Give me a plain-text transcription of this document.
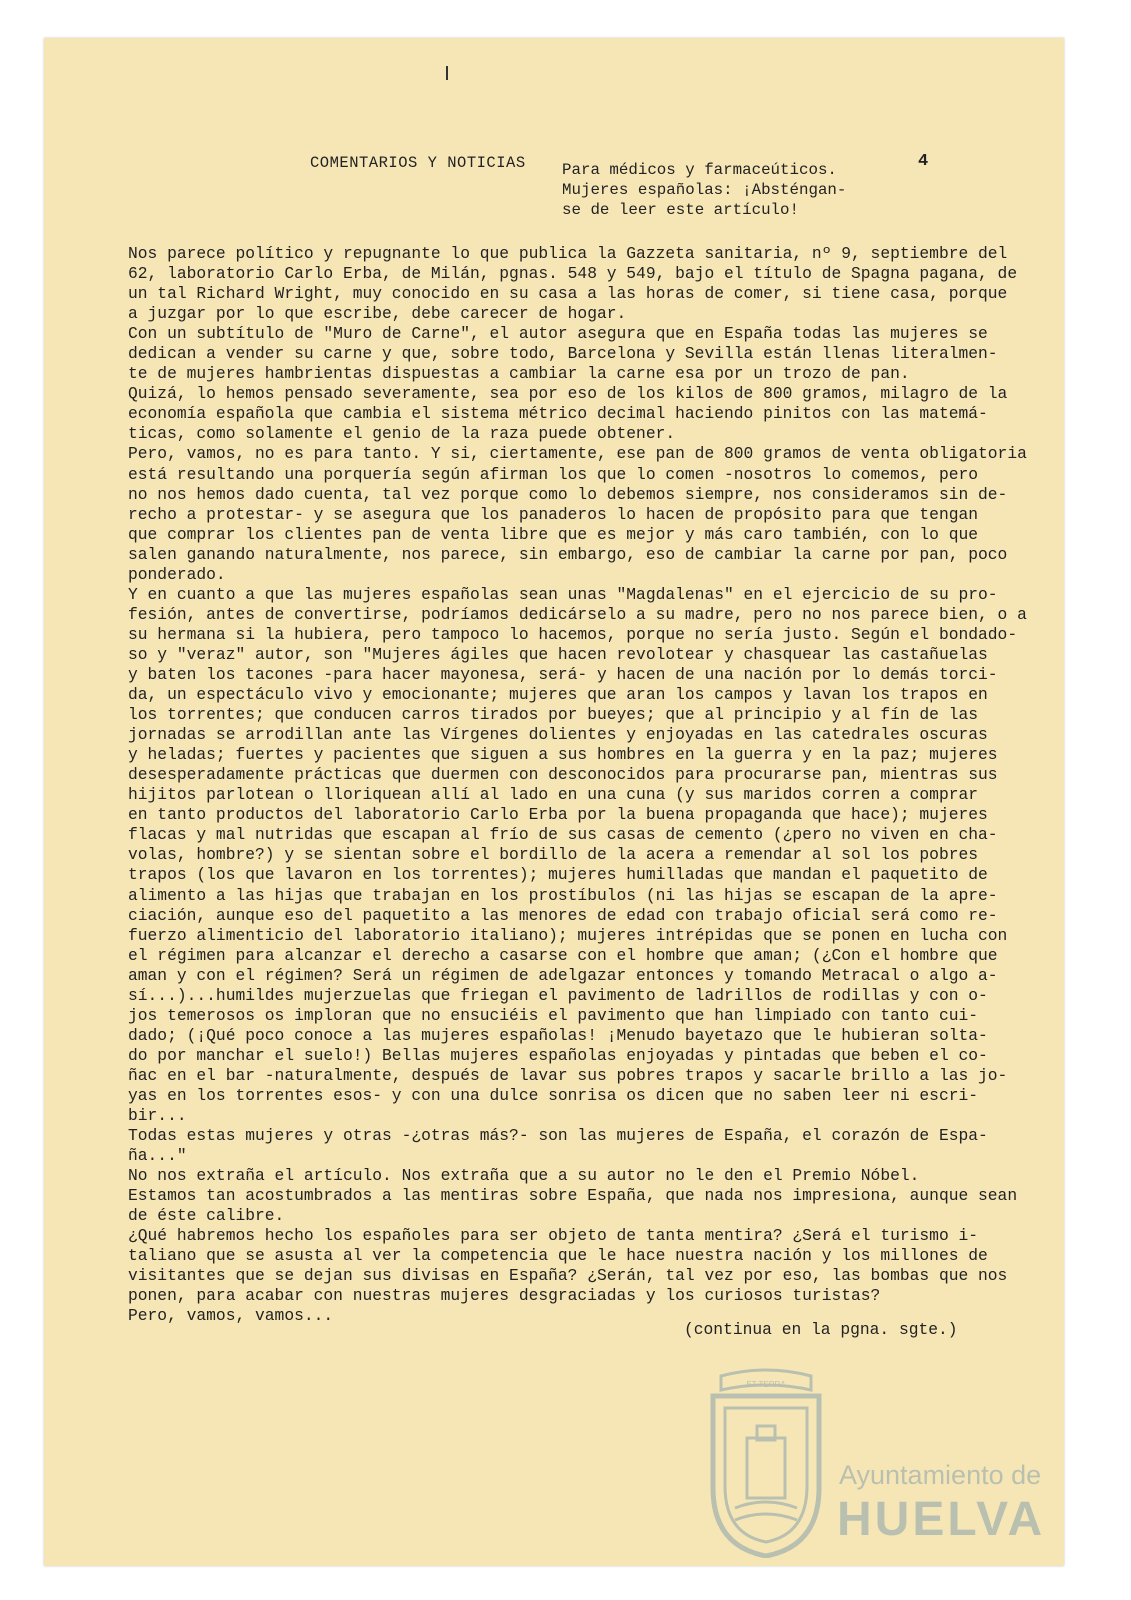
COMENTARIOS Y NOTICIAS Para médicos y farmaceúticos.
Mujeres españolas: ¡Absténgan-
se de leer este artículo!
4
Nos parece político y repugnante lo que publica la Gazzeta sanitaria, nº 9, septiembre del
62, laboratorio Carlo Erba, de Milán, pgnas. 548 y 549, bajo el título de Spagna pagana, de
un tal Richard Wright, muy conocido en su casa a las horas de comer, si tiene casa, porque
a juzgar por lo que escribe, debe carecer de hogar.
Con un subtítulo de "Muro de Carne", el autor asegura que en España todas las mujeres se
dedican a vender su carne y que, sobre todo, Barcelona y Sevilla están llenas literalmen-
te de mujeres hambrientas dispuestas a cambiar la carne esa por un trozo de pan.
Quizá, lo hemos pensado severamente, sea por eso de los kilos de 800 gramos, milagro de la
economía española que cambia el sistema métrico decimal haciendo pinitos con las matemá-
ticas, como solamente el genio de la raza puede obtener.
Pero, vamos, no es para tanto. Y si, ciertamente, ese pan de 800 gramos de venta obligatoria
está resultando una porquería según afirman los que lo comen -nosotros lo comemos, pero
no nos hemos dado cuenta, tal vez porque como lo debemos siempre, nos consideramos sin de-
recho a protestar- y se asegura que los panaderos lo hacen de propósito para que tengan
que comprar los clientes pan de venta libre que es mejor y más caro también, con lo que
salen ganando naturalmente, nos parece, sin embargo, eso de cambiar la carne por pan, poco
ponderado.
Y en cuanto a que las mujeres españolas sean unas "Magdalenas" en el ejercicio de su pro-
fesión, antes de convertirse, podríamos dedicárselo a su madre, pero no nos parece bien, o a
su hermana si la hubiera, pero tampoco lo hacemos, porque no sería justo. Según el bondado-
so y "veraz" autor, son "Mujeres ágiles que hacen revolotear y chasquear las castañuelas
y baten los tacones -para hacer mayonesa, será- y hacen de una nación por lo demás torci-
da, un espectáculo vivo y emocionante; mujeres que aran los campos y lavan los trapos en
los torrentes; que conducen carros tirados por bueyes; que al principio y al fín de las
jornadas se arrodillan ante las Vírgenes dolientes y enjoyadas en las catedrales oscuras
y heladas; fuertes y pacientes que siguen a sus hombres en la guerra y en la paz; mujeres
desesperadamente prácticas que duermen con desconocidos para procurarse pan, mientras sus
hijitos parlotean o lloriquean allí al lado en una cuna (y sus maridos corren a comprar
en tanto productos del laboratorio Carlo Erba por la buena propaganda que hace); mujeres
flacas y mal nutridas que escapan al frío de sus casas de cemento (¿pero no viven en cha-
volas, hombre?) y se sientan sobre el bordillo de la acera a remendar al sol los pobres
trapos (los que lavaron en los torrentes); mujeres humilladas que mandan el paquetito de
alimento a las hijas que trabajan en los prostíbulos (ni las hijas se escapan de la apre-
ciación, aunque eso del paquetito a las menores de edad con trabajo oficial será como re-
fuerzo alimenticio del laboratorio italiano); mujeres intrépidas que se ponen en lucha con
el régimen para alcanzar el derecho a casarse con el hombre que aman; (¿Con el hombre que
aman y con el régimen? Será un régimen de adelgazar entonces y tomando Metracal o algo a-
sí...)...humildes mujerzuelas que friegan el pavimento de ladrillos de rodillas y con o-
jos temerosos os imploran que no ensuciéis el pavimento que han limpiado con tanto cui-
dado; (¡Qué poco conoce a las mujeres españolas! ¡Menudo bayetazo que le hubieran solta-
do por manchar el suelo!) Bellas mujeres españolas enjoyadas y pintadas que beben el co-
ñac en el bar -naturalmente, después de lavar sus pobres trapos y sacarle brillo a las jo-
yas en los torrentes esos- y con una dulce sonrisa os dicen que no saben leer ni escri-
bir...
Todas estas mujeres y otras -¿otras más?- son las mujeres de España, el corazón de Espa-
ña..."
No nos extraña el artículo. Nos extraña que a su autor no le den el Premio Nóbel.
Estamos tan acostumbrados a las mentiras sobre España, que nada nos impresiona, aunque sean
de éste calibre.
¿Qué habremos hecho los españoles para ser objeto de tanta mentira? ¿Será el turismo i-
taliano que se asusta al ver la competencia que le hace nuestra nación y los millones de
visitantes que se dejan sus divisas en España? ¿Serán, tal vez por eso, las bombas que nos
ponen, para acabar con nuestras mujeres desgraciadas y los curiosos turistas?
Pero, vamos, vamos...
(continua en la pgna. sgte.)
ET TERRA
Ayuntamiento de
HUELVA
